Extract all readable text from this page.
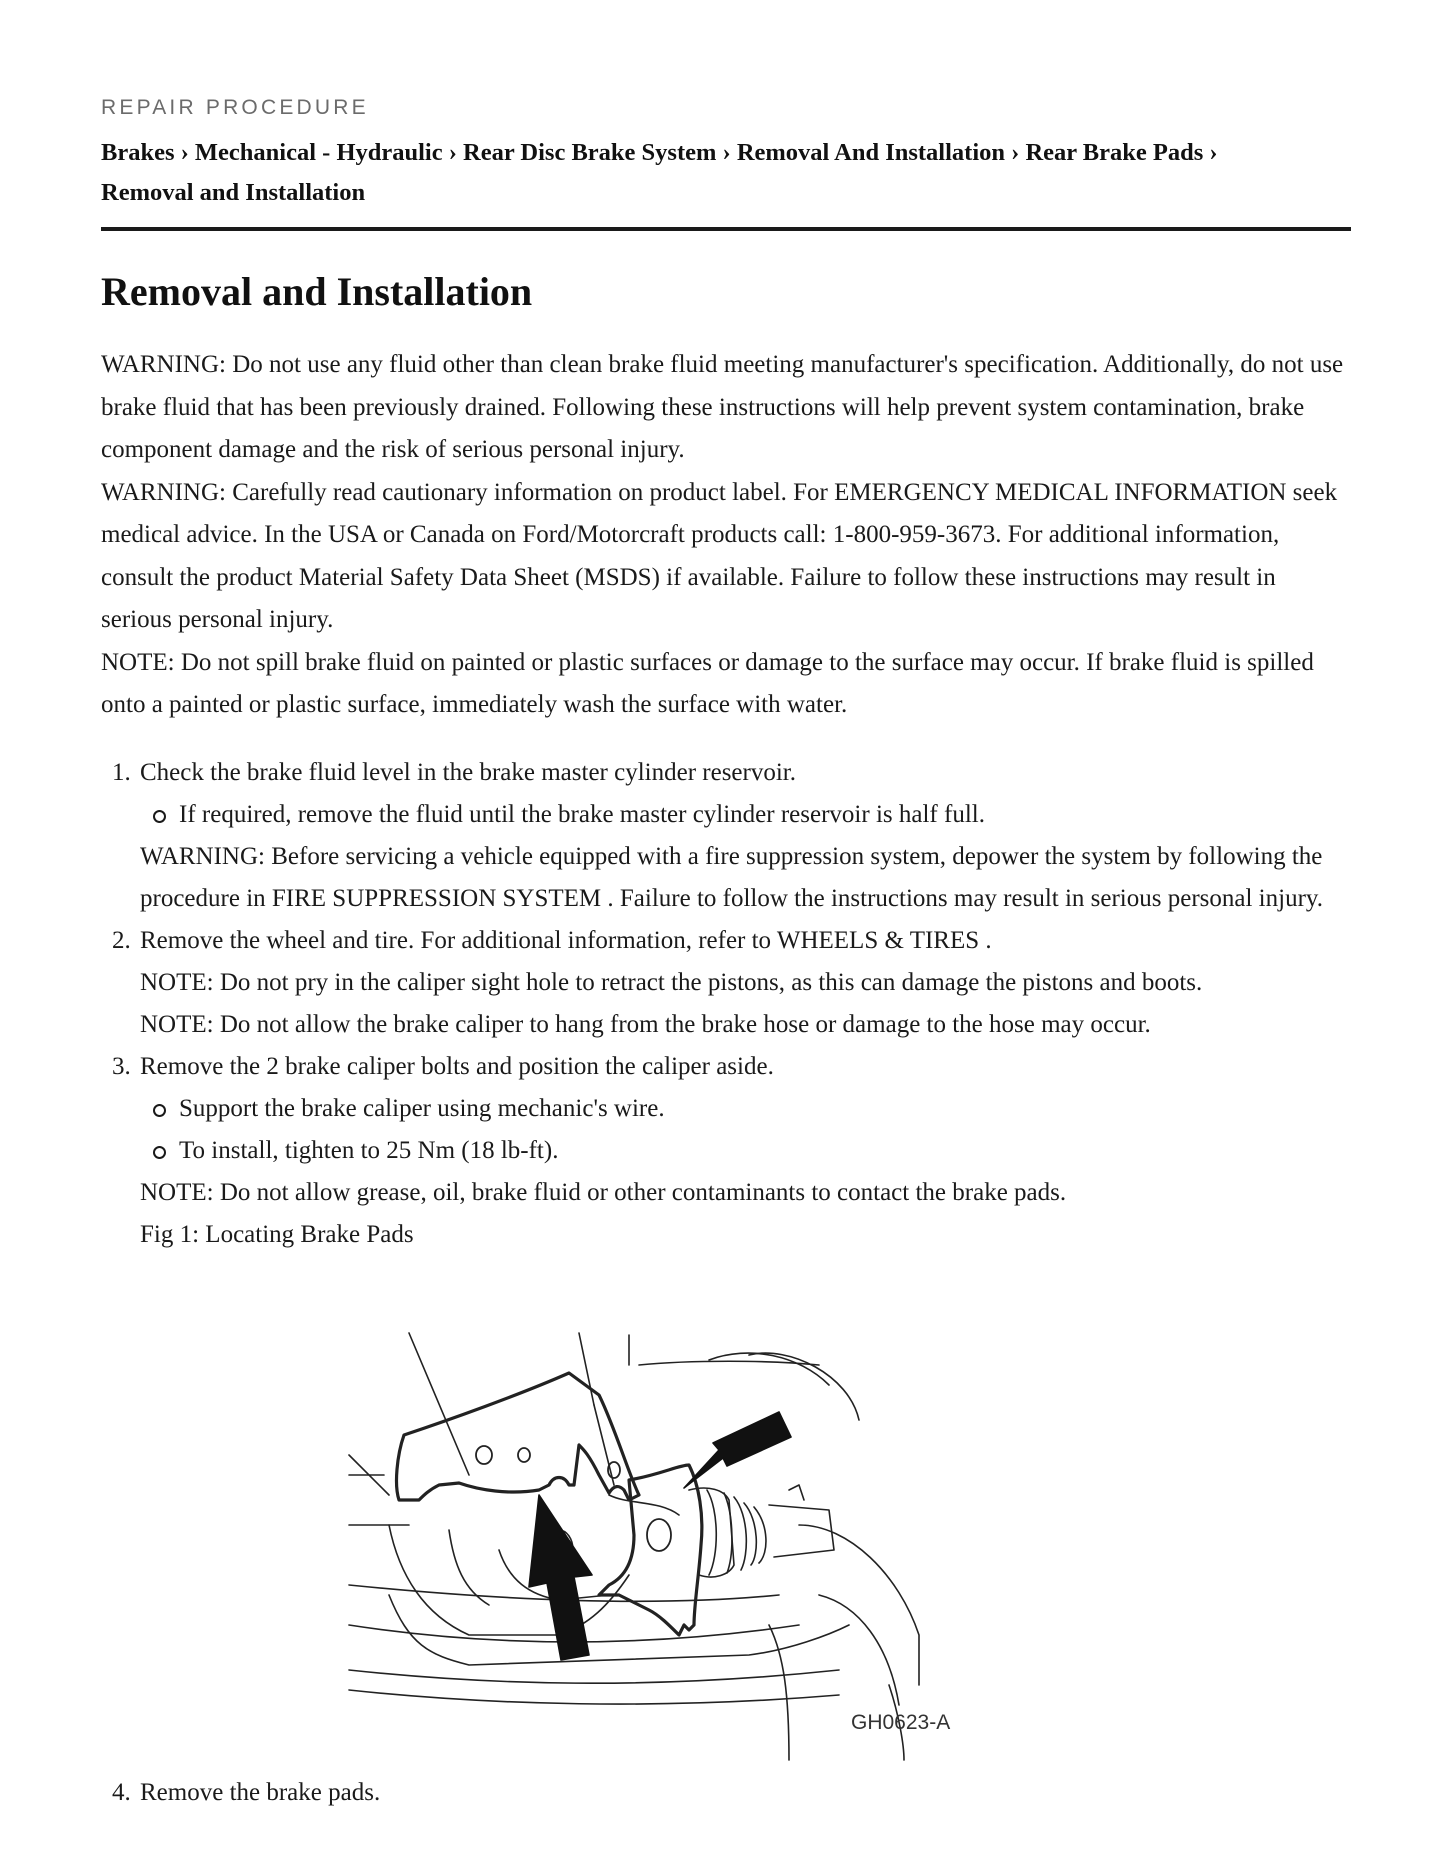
REPAIR PROCEDURE
Brakes › Mechanical - Hydraulic › Rear Disc Brake System › Removal And Installation › Rear Brake Pads ›
Removal and Installation
Removal and Installation

WARNING: Do not use any fluid other than clean brake fluid meeting manufacturer's specification. Additionally, do not use brake fluid that has been previously drained. Following these instructions will help prevent system contamination, brake component damage and the risk of serious personal injury.

WARNING: Carefully read cautionary information on product label. For EMERGENCY MEDICAL INFORMATION seek medical advice. In the USA or Canada on Ford/Motorcraft products call: 1-800-959-3673. For additional information, consult the product Material Safety Data Sheet (MSDS) if available. Failure to follow these instructions may result in serious personal injury.

NOTE: Do not spill brake fluid on painted or plastic surfaces or damage to the surface may occur. If brake fluid is spilled onto a painted or plastic surface, immediately wash the surface with water.

1. Check the brake fluid level in the brake master cylinder reservoir.

If required, remove the fluid until the brake master cylinder reservoir is half full.

WARNING: Before servicing a vehicle equipped with a fire suppression system, depower the system by following the procedure in FIRE SUPPRESSION SYSTEM . Failure to follow the instructions may result in serious personal injury.

2. Remove the wheel and tire. For additional information, refer to WHEELS & TIRES .

NOTE: Do not pry in the caliper sight hole to retract the pistons, as this can damage the pistons and boots.

NOTE: Do not allow the brake caliper to hang from the brake hose or damage to the hose may occur.

3. Remove the 2 brake caliper bolts and position the caliper aside.

Support the brake caliper using mechanic's wire.
To install, tighten to 25 Nm (18 lb-ft).

NOTE: Do not allow grease, oil, brake fluid or other contaminants to contact the brake pads.

Fig 1: Locating Brake Pads

GH0623-A
4. Remove the brake pads.
